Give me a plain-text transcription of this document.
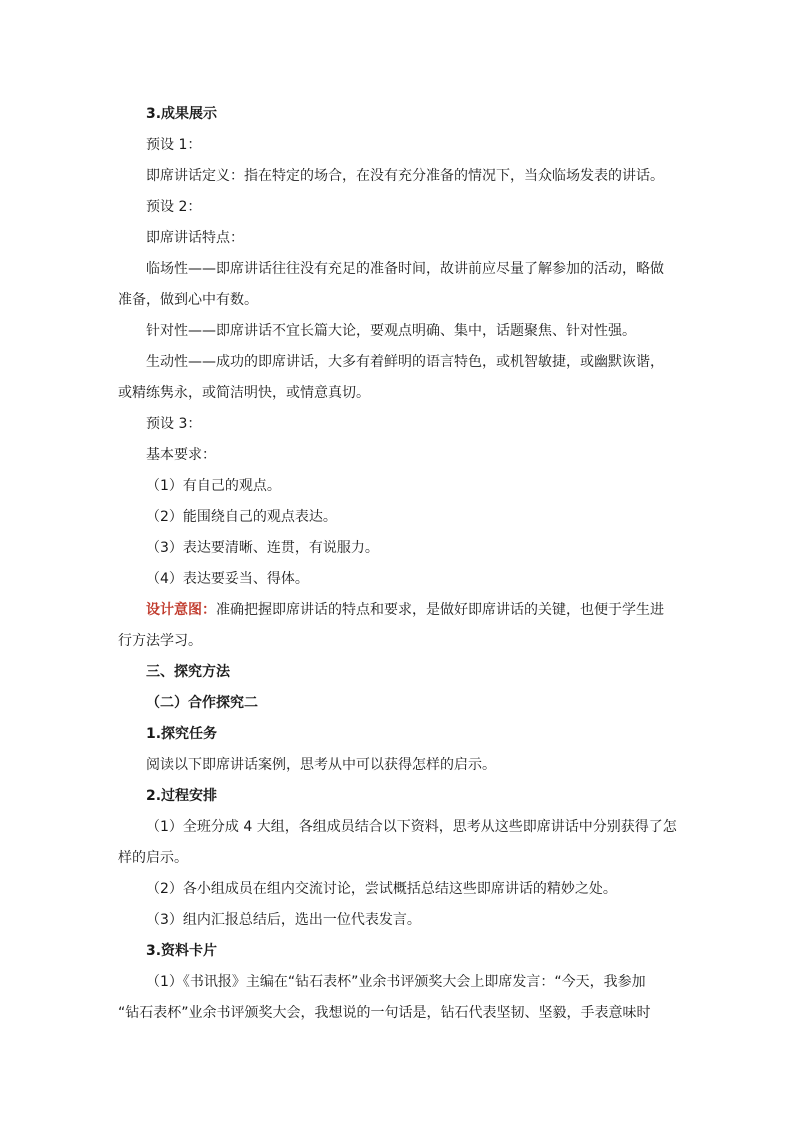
3.成果展示

预设 1：

即席讲话定义：指在特定的场合，在没有充分准备的情况下，当众临场发表的讲话。

预设 2：

即席讲话特点：

临场性——即席讲话往往没有充足的准备时间，故讲前应尽量了解参加的活动，略做

准备，做到心中有数。

针对性——即席讲话不宜长篇大论，要观点明确、集中，话题聚焦、针对性强。

生动性——成功的即席讲话，大多有着鲜明的语言特色，或机智敏捷，或幽默诙谐，

或精练隽永，或简洁明快，或情意真切。

预设 3：

基本要求：

（1）有自己的观点。

（2）能围绕自己的观点表达。

（3）表达要清晰、连贯，有说服力。

（4）表达要妥当、得体。

设计意图：准确把握即席讲话的特点和要求，是做好即席讲话的关键，也便于学生进

行方法学习。

三、探究方法

（二）合作探究二

1.探究任务

阅读以下即席讲话案例，思考从中可以获得怎样的启示。

2.过程安排

（1）全班分成 4 大组，各组成员结合以下资料，思考从这些即席讲话中分别获得了怎

样的启示。

（2）各小组成员在组内交流讨论，尝试概括总结这些即席讲话的精妙之处。

（3）组内汇报总结后，选出一位代表发言。

3.资料卡片

（1）《书讯报》主编在“钻石表杯”业余书评颁奖大会上即席发言：“今天，我参加

“钻石表杯”业余书评颁奖大会，我想说的一句话是，钻石代表坚韧、坚毅，手表意味时
